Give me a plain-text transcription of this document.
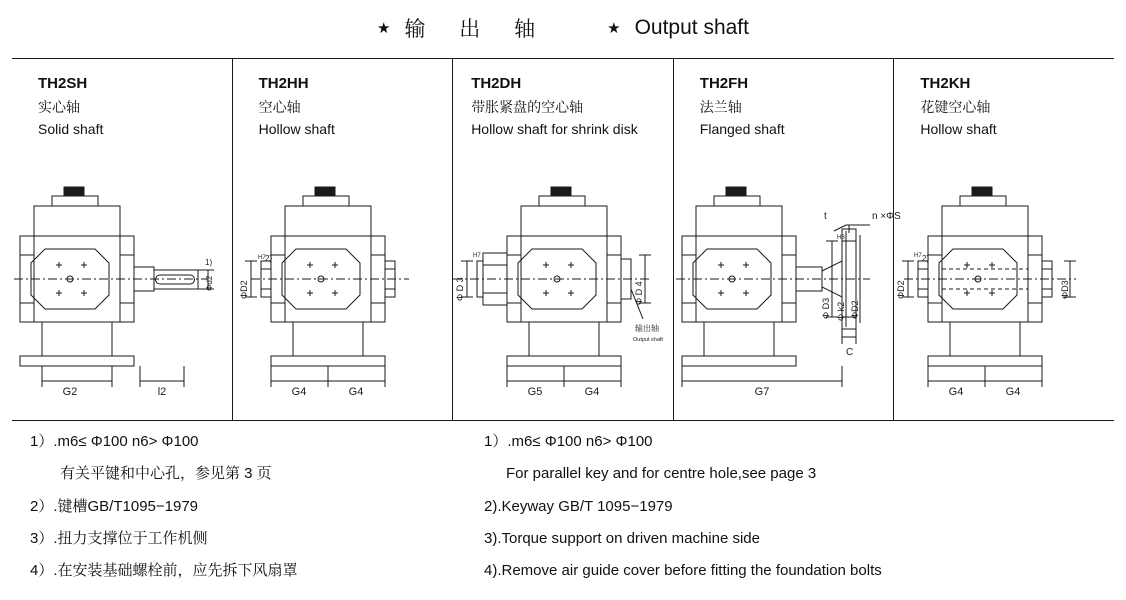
★ 输 出 轴	★ Output shaft
TH2SH
实心轴
Solid shaft
1)
Φd2
G2	l2
TH2HH
空心轴
Hollow shaft
ΦD2
H7 2)
G4	G4
TH2DH
带胀紧盘的空心轴
Hollow shaft for shrink disk
Φ D 3
H7
Φ D 4
输出轴
Output shaft
G5	G4
TH2FH
法兰轴
Flanged shaft
t	n ×ΦS
Φ D3
H8
Φ k2 ΦD2
C
G7
TH2KH
花键空心轴
Hollow shaft
ΦD2
H7 2)
ΦD3
G4	G4
1）.m6≤ Φ100 n6> Φ100
有关平键和中心孔，参见第 3 页
2）.键槽GB/T1095−1979
3）.扭力支撑位于工作机侧
4）.在安装基础螺栓前，应先拆下风扇罩
1）.m6≤ Φ100 n6> Φ100
For parallel key and for centre hole,see page 3
2).Keyway GB/T 1095−1979
3).Torque support on driven machine side
4).Remove air guide cover before fitting the foundation bolts
